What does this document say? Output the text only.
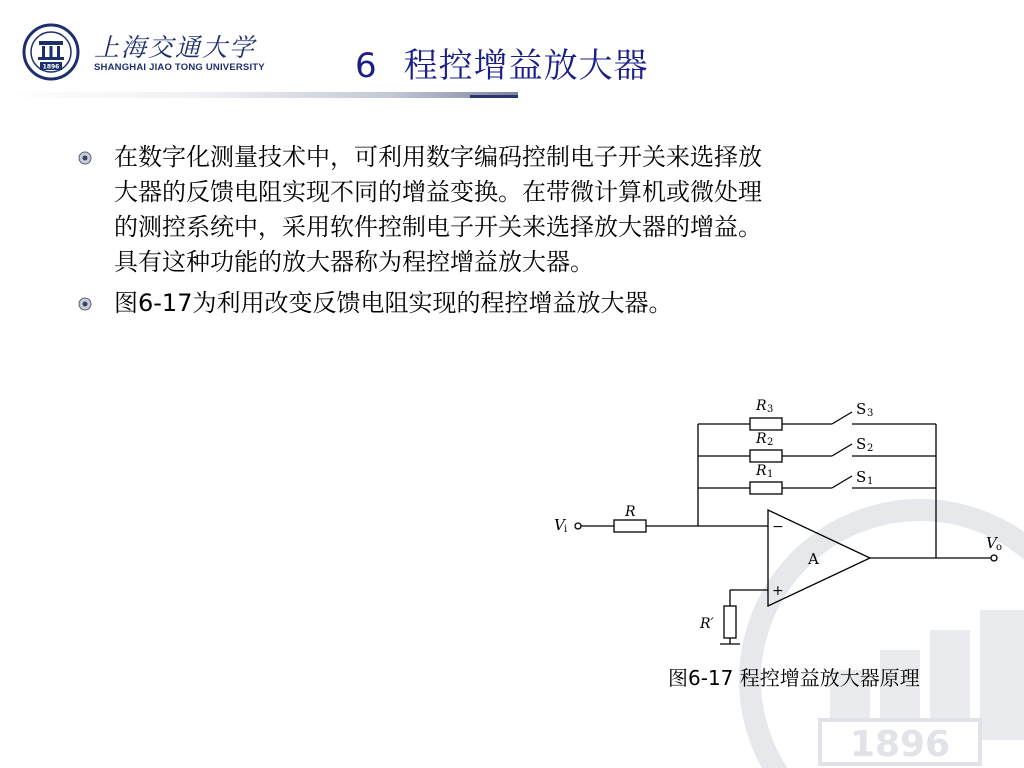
1896
1896
上海交通大学
SHANGHAI JIAO TONG UNIVERSITY	6 程控增益放大器
在数字化测量技术中，可利用数字编码控制电子开关来选择放
大器的反馈电阻实现不同的增益变换。在带微计算机或微处理
的测控系统中，采用软件控制电子开关来选择放大器的增益。
具有这种功能的放大器称为程控增益放大器。
图6-17为利用改变反馈电阻实现的程控增益放大器。
R 3
R 2
R 1
S 3
S 2
S 1
V i
V o
R
R′
A
−
+
图6-17 程控增益放大器原理
